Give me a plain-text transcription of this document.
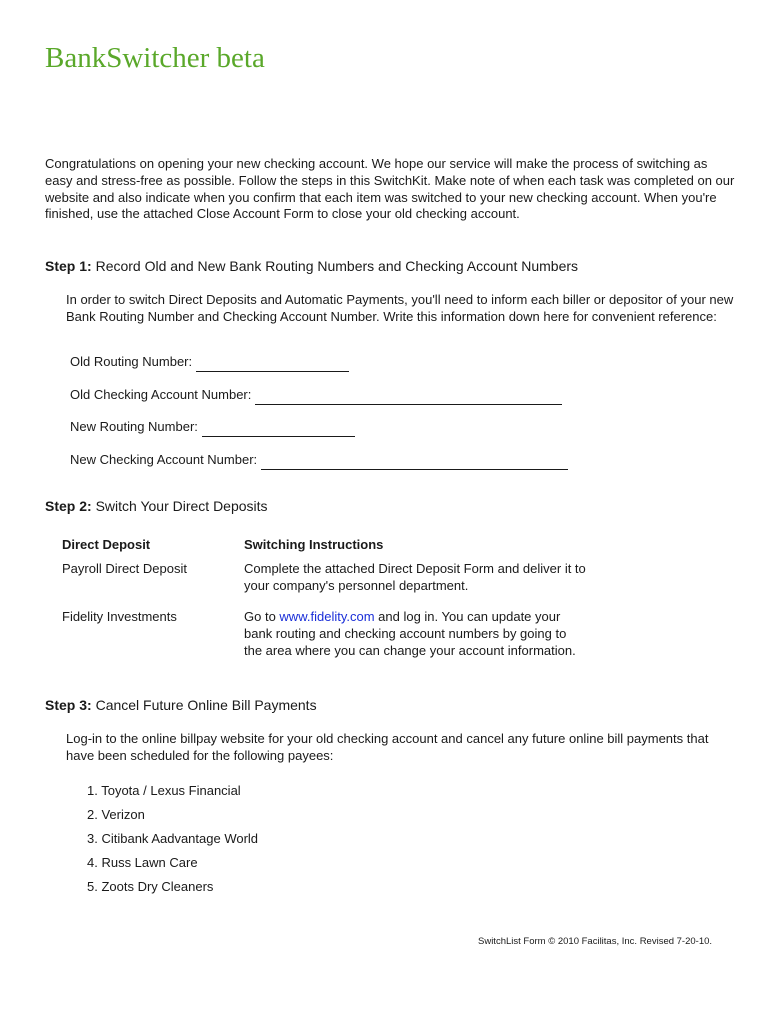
BankSwitcher beta
Congratulations on opening your new checking account. We hope our service will make the process of switching as easy and stress-free as possible. Follow the steps in this SwitchKit. Make note of when each task was completed on our website and also indicate when you confirm that each item was switched to your new checking account. When you're finished, use the attached Close Account Form to close your old checking account.
Step 1: Record Old and New Bank Routing Numbers and Checking Account Numbers
In order to switch Direct Deposits and Automatic Payments, you'll need to inform each biller or depositor of your new Bank Routing Number and Checking Account Number. Write this information down here for convenient reference:
Old Routing Number:
Old Checking Account Number:
New Routing Number:
New Checking Account Number:
Step 2: Switch Your Direct Deposits
Direct Deposit	Switching Instructions
Payroll Direct Deposit	Complete the attached Direct Deposit Form and deliver it to your company's personnel department.
Fidelity Investments	Go to www.fidelity.com and log in. You can update your bank routing and checking account numbers by going to the area where you can change your account information.
Step 3: Cancel Future Online Bill Payments
Log-in to the online billpay website for your old checking account and cancel any future online bill payments that have been scheduled for the following payees:
1. Toyota / Lexus Financial
2. Verizon
3. Citibank Aadvantage World
4. Russ Lawn Care
5. Zoots Dry Cleaners
SwitchList Form © 2010 Facilitas, Inc. Revised 7-20-10.
